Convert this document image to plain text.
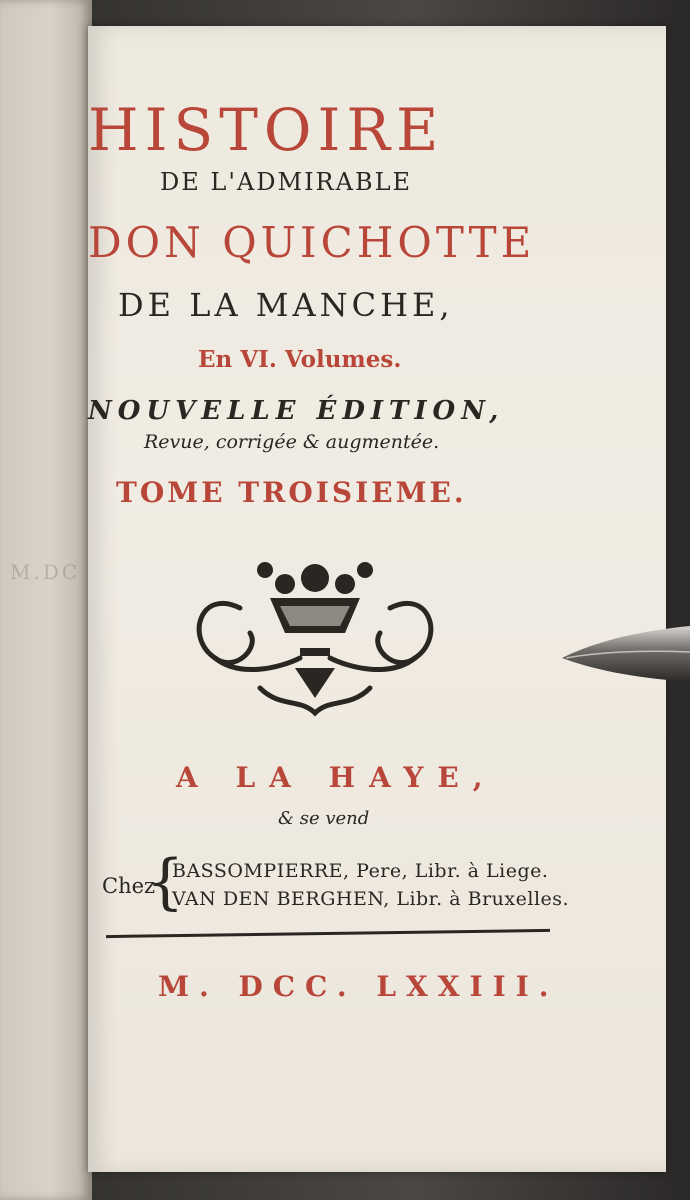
M.DC
HISTOIRE
DE L'ADMIRABLE
DON QUICHOTTE
DE LA MANCHE,
En VI. Volumes.
NOUVELLE ÉDITION,
Revue, corrigée & augmentée.
TOME TROISIEME.
A LA HAYE,
& se vend
Chez
{
BASSOMPIERRE, Pere, Libr. à Liege.
VAN DEN BERGHEN, Libr. à Bruxelles.
M. DCC. LXXIII.
